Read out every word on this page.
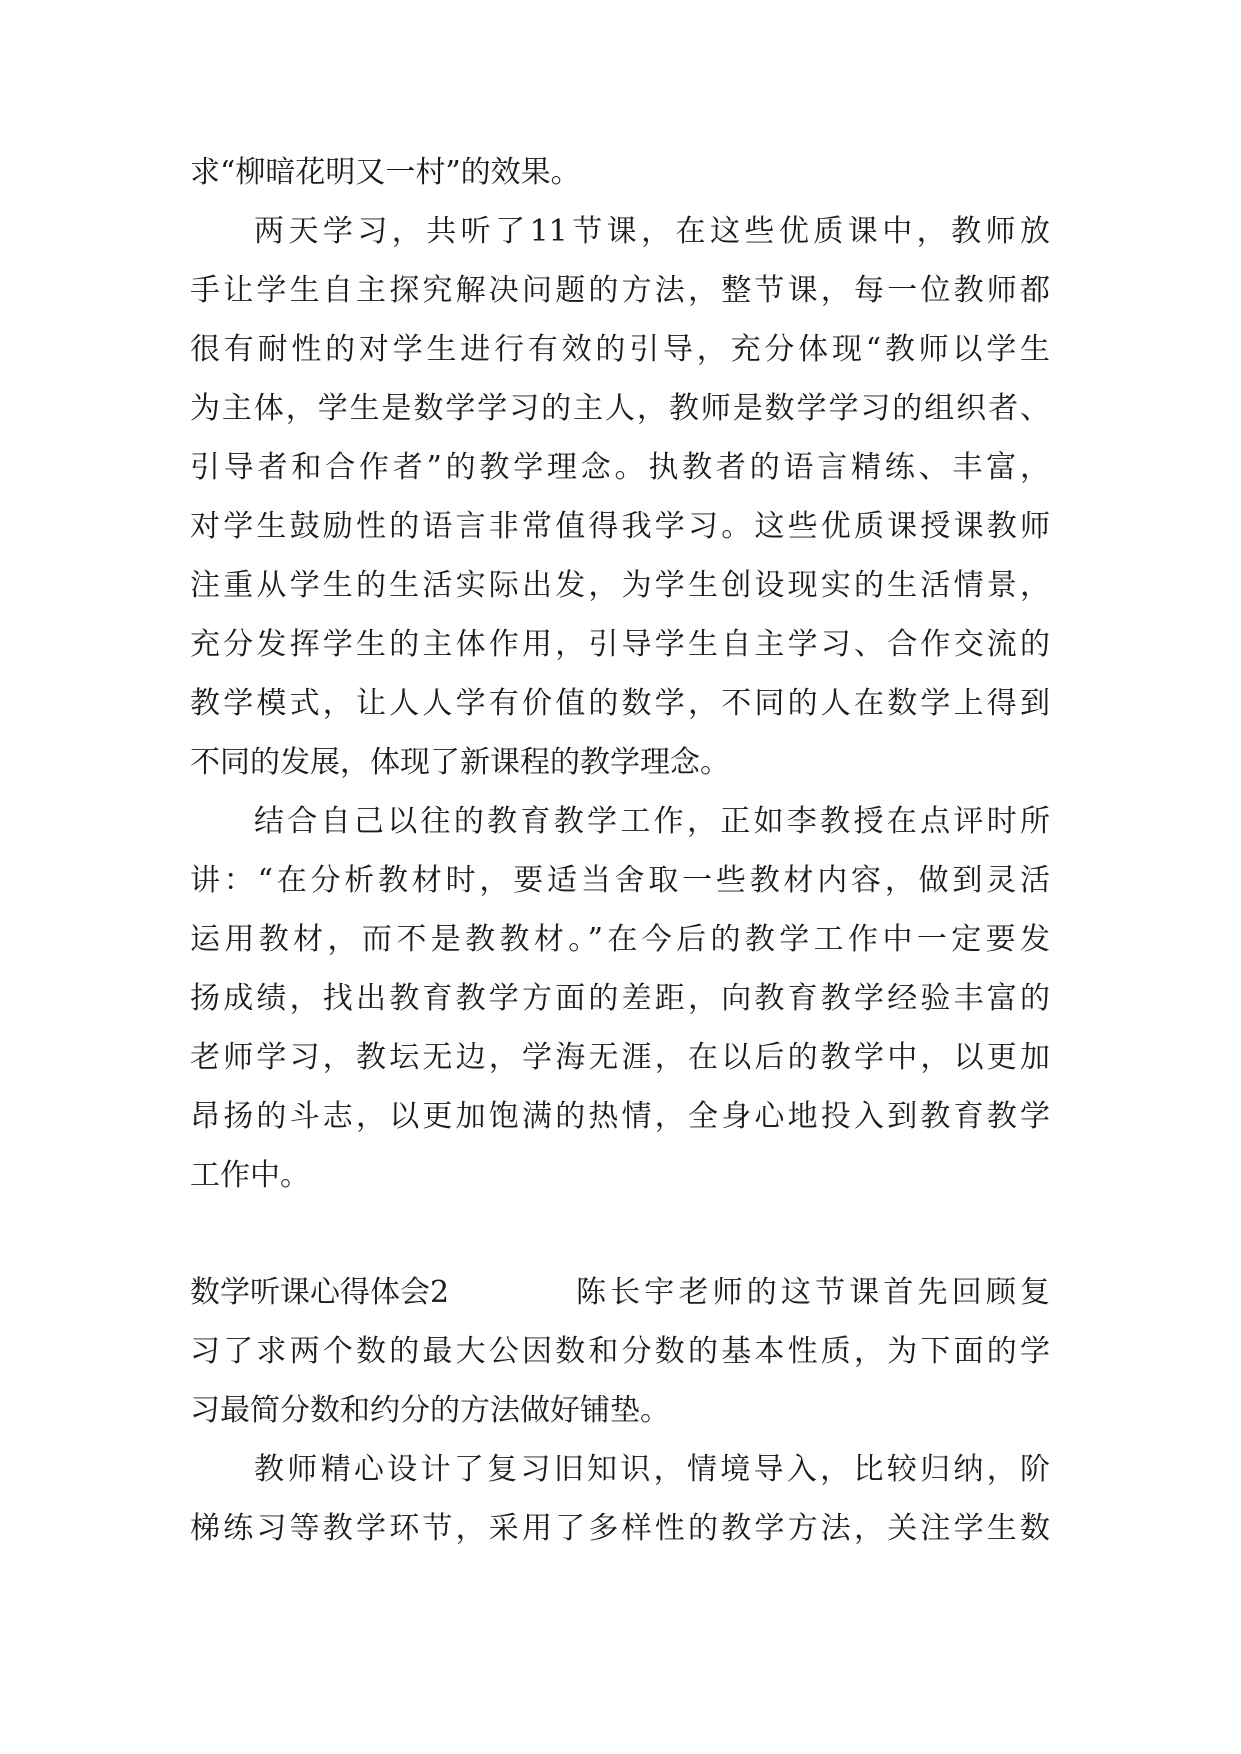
求“柳暗花明又一村”的效果。
两天学习，共听了11节课，在这些优质课中，教师放
手让学生自主探究解决问题的方法，整节课，每一位教师都
很有耐性的对学生进行有效的引导，充分体现“教师以学生
为主体，学生是数学学习的主人，教师是数学学习的组织者、
引导者和合作者”的教学理念。执教者的语言精练、丰富，
对学生鼓励性的语言非常值得我学习。这些优质课授课教师
注重从学生的生活实际出发，为学生创设现实的生活情景，
充分发挥学生的主体作用，引导学生自主学习、合作交流的
教学模式，让人人学有价值的数学，不同的人在数学上得到
不同的发展，体现了新课程的教学理念。
结合自己以往的教育教学工作，正如李教授在点评时所
讲：“在分析教材时，要适当舍取一些教材内容，做到灵活
运用教材，而不是教教材。”在今后的教学工作中一定要发
扬成绩，找出教育教学方面的差距，向教育教学经验丰富的
老师学习，教坛无边，学海无涯，在以后的教学中，以更加
昂扬的斗志，以更加饱满的热情，全身心地投入到教育教学
工作中。
数学听课心得体会2	陈长宇老师的这节课首先回顾复
习了求两个数的最大公因数和分数的基本性质，为下面的学
习最简分数和约分的方法做好铺垫。
教师精心设计了复习旧知识，情境导入，比较归纳，阶
梯练习等教学环节，采用了多样性的教学方法，关注学生数
